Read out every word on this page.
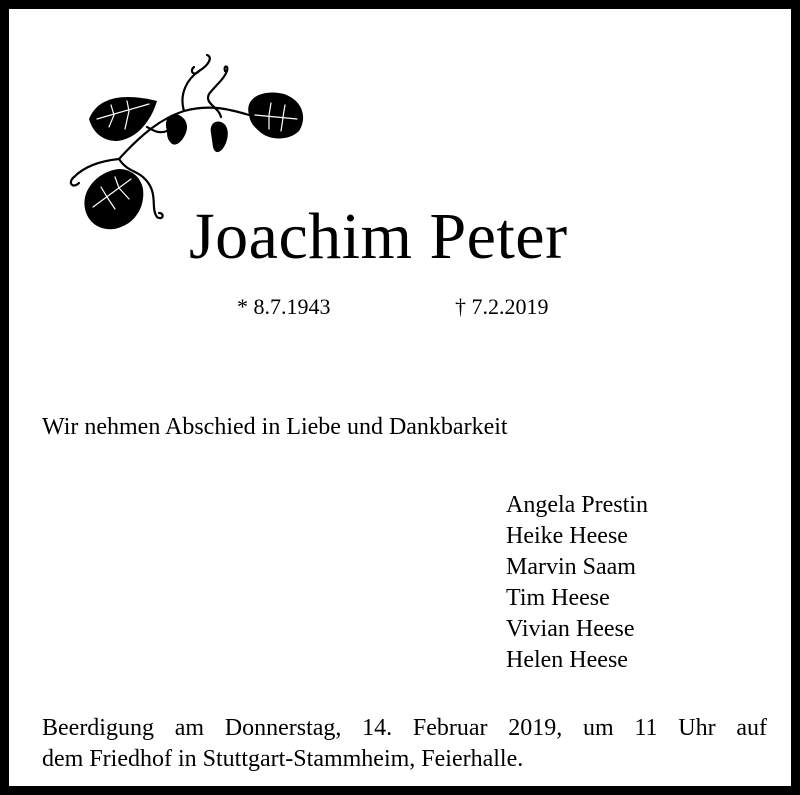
Joachim Peter
* 8.7.1943	† 7.2.2019
Wir nehmen Abschied in Liebe und Dankbarkeit
Angela Prestin
Heike Heese
Marvin Saam
Tim Heese
Vivian Heese
Helen Heese
Beerdigung am Donnerstag, 14. Februar 2019, um 11 Uhr auf
dem Friedhof in Stuttgart-Stammheim, Feierhalle.
